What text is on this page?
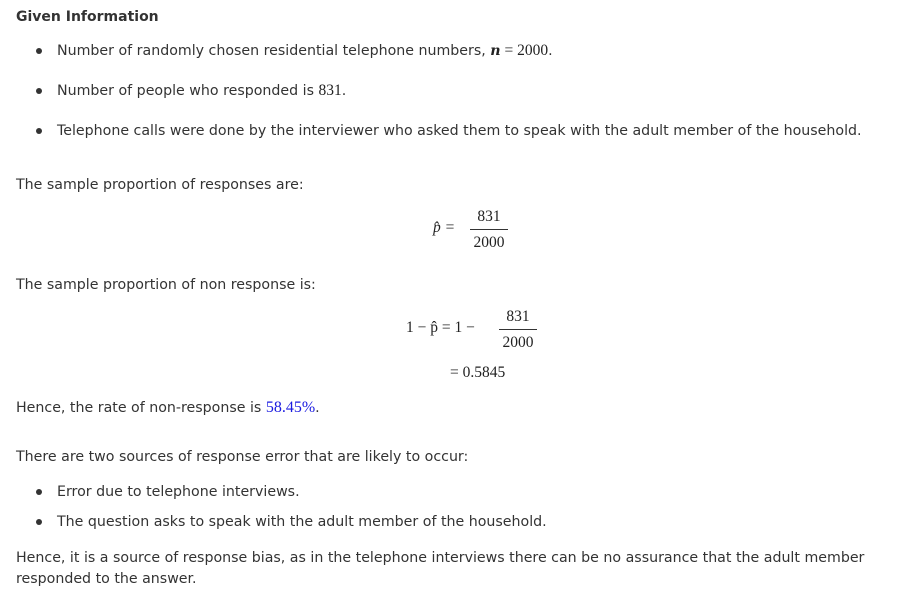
Given Information
Number of randomly chosen residential telephone numbers, n = 2000.
Number of people who responded is 831.
Telephone calls were done by the interviewer who asked them to speak with the adult member of the household.
The sample proportion of responses are:
p̂ =
831
2000
The sample proportion of non response is:
1 − p̂ = 1 −
831
2000
= 0.5845
Hence, the rate of non-response is 58.45%.
There are two sources of response error that are likely to occur:
Error due to telephone interviews.
The question asks to speak with the adult member of the household.
Hence, it is a source of response bias, as in the telephone interviews there can be no assurance that the adult member responded to the answer.
